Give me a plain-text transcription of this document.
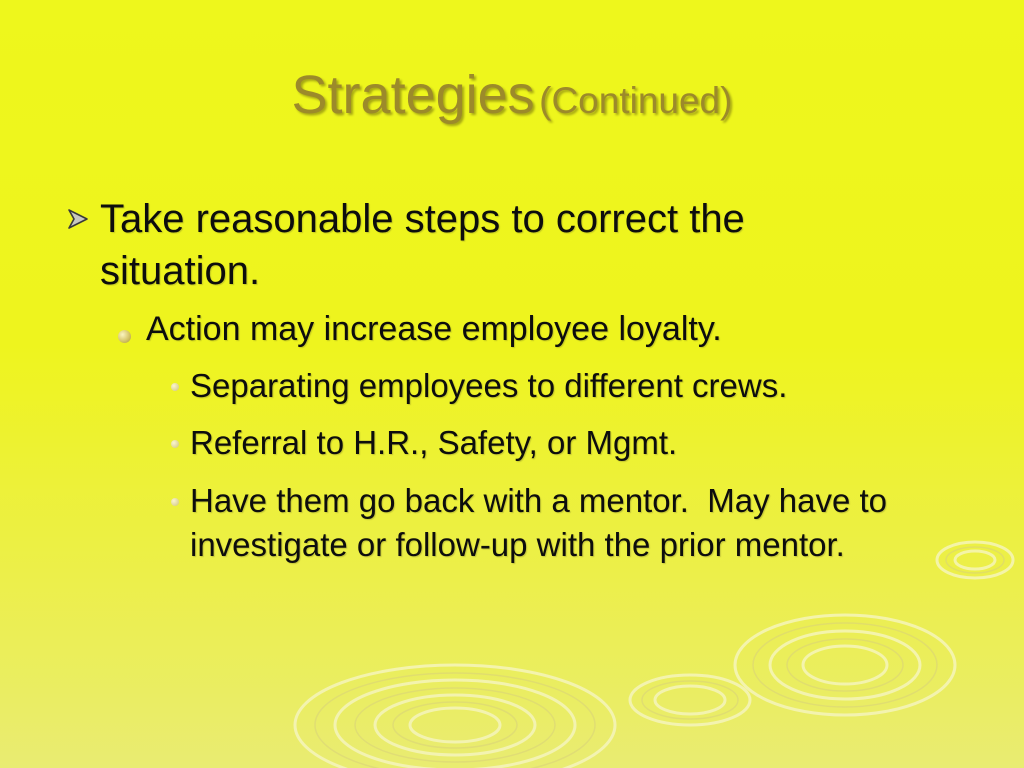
Strategies (Continued)
Take reasonable steps to correct the situation.
Action may increase employee loyalty.
Separating employees to different crews.
Referral to H.R., Safety, or Mgmt.
Have them go back with a mentor.  May have to investigate or follow-up with the prior mentor.
